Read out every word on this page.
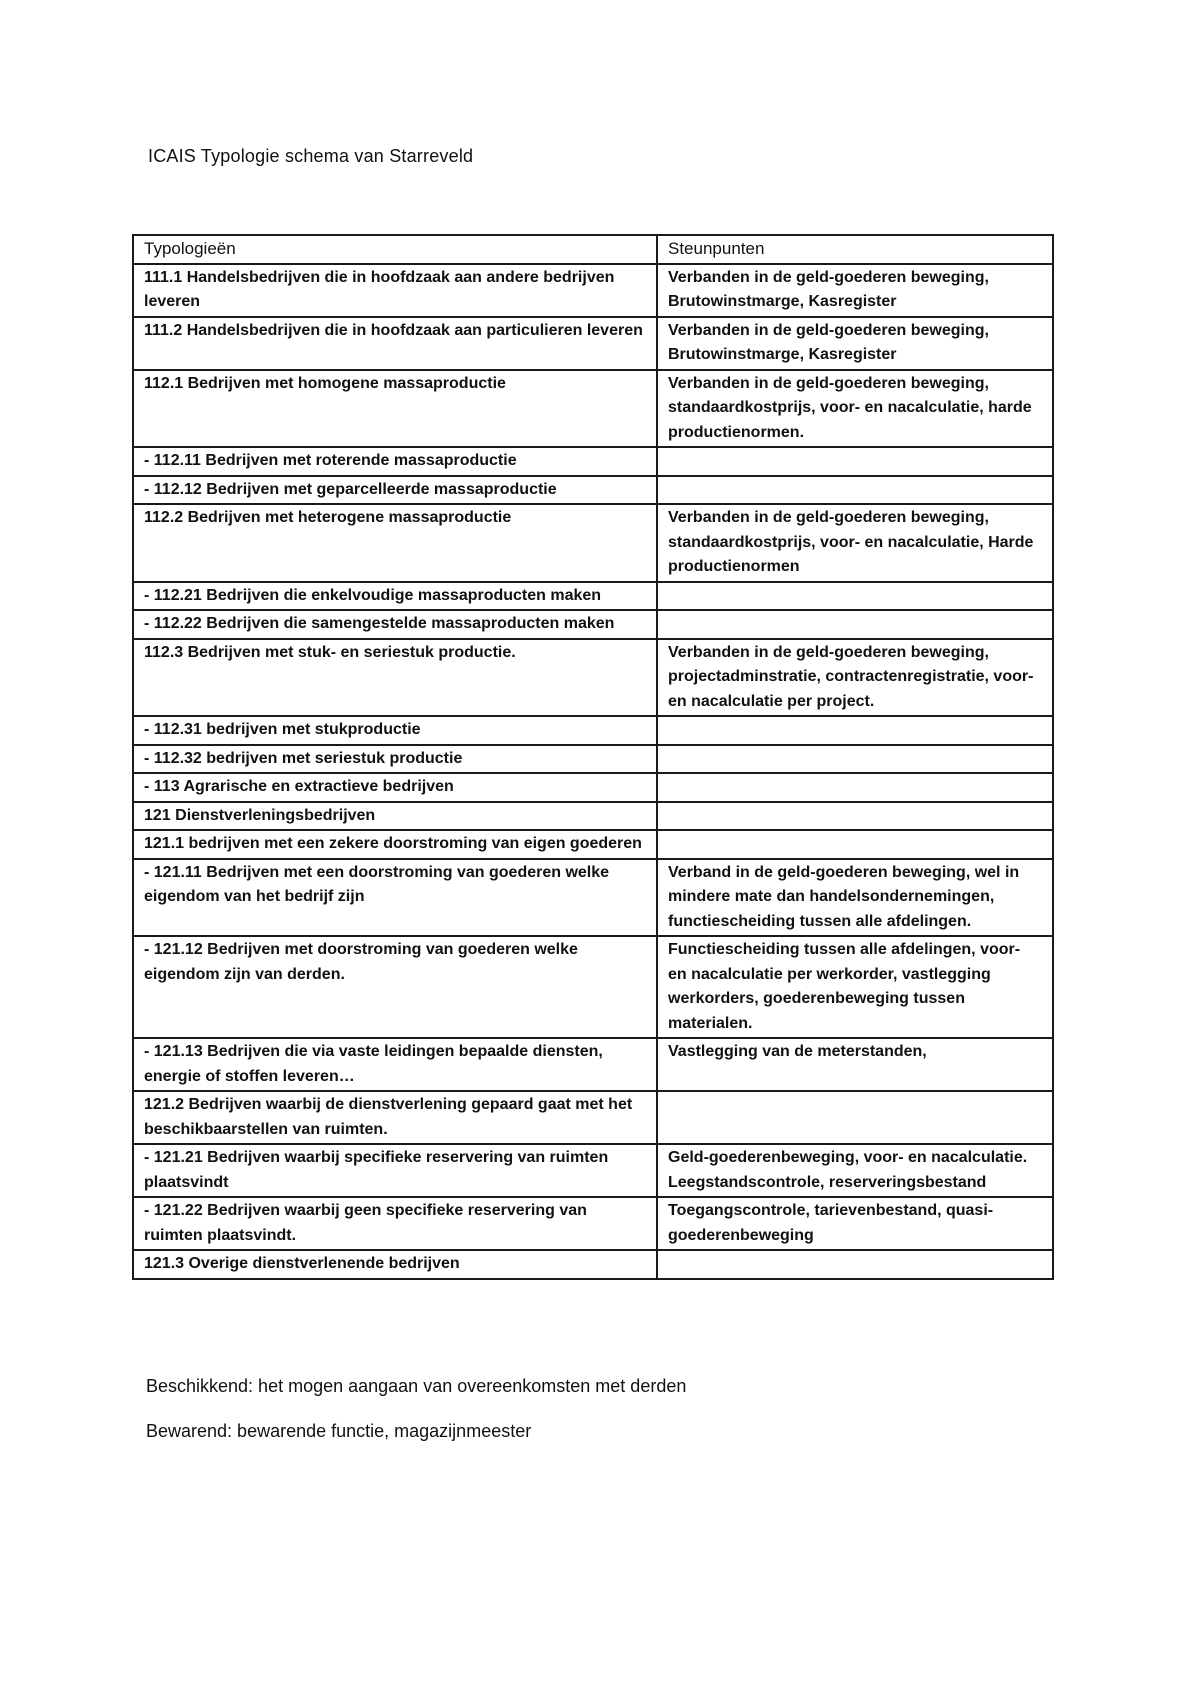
ICAIS Typologie schema van Starreveld
Typologieën	Steunpunten
111.1 Handelsbedrijven die in hoofdzaak aan andere bedrijven leveren	Verbanden in de geld-goederen beweging, Brutowinstmarge, Kasregister
111.2 Handelsbedrijven die in hoofdzaak aan particulieren leveren	Verbanden in de geld-goederen beweging, Brutowinstmarge, Kasregister
112.1 Bedrijven met homogene massaproductie	Verbanden in de geld-goederen beweging, standaardkostprijs, voor- en nacalculatie, harde productienormen.
- 112.11 Bedrijven met roterende massaproductie	
- 112.12 Bedrijven met geparcelleerde massaproductie	
112.2 Bedrijven met heterogene massaproductie	Verbanden in de geld-goederen beweging, standaardkostprijs, voor- en nacalculatie, Harde productienormen
- 112.21 Bedrijven die enkelvoudige massaproducten maken	
- 112.22 Bedrijven die samengestelde massaproducten maken	
112.3 Bedrijven met stuk- en seriestuk productie.	Verbanden in de geld-goederen beweging, projectadminstratie, contractenregistratie, voor- en nacalculatie per project.
- 112.31 bedrijven met stukproductie	
- 112.32 bedrijven met seriestuk productie	
- 113 Agrarische en extractieve bedrijven	
121 Dienstverleningsbedrijven	
121.1 bedrijven met een zekere doorstroming van eigen goederen	
- 121.11 Bedrijven met een doorstroming van goederen welke eigendom van het bedrijf zijn	Verband in de geld-goederen beweging, wel in mindere mate dan handelsondernemingen, functiescheiding tussen alle afdelingen.
- 121.12 Bedrijven met doorstroming van goederen welke eigendom zijn van derden.	Functiescheiding tussen alle afdelingen, voor- en nacalculatie per werkorder, vastlegging werkorders, goederenbeweging tussen materialen.
- 121.13 Bedrijven die via vaste leidingen bepaalde diensten, energie of stoffen leveren…	Vastlegging van de meterstanden,
121.2 Bedrijven waarbij de dienstverlening gepaard gaat met het beschikbaarstellen van ruimten.	
- 121.21 Bedrijven waarbij specifieke reservering van ruimten plaatsvindt	Geld-goederenbeweging, voor- en nacalculatie. Leegstandscontrole, reserveringsbestand
- 121.22 Bedrijven waarbij geen specifieke reservering van ruimten plaatsvindt.	Toegangscontrole, tarievenbestand, quasi-goederenbeweging
121.3 Overige dienstverlenende bedrijven	
Beschikkend: het mogen aangaan van overeenkomsten met derden
Bewarend: bewarende functie, magazijnmeester
